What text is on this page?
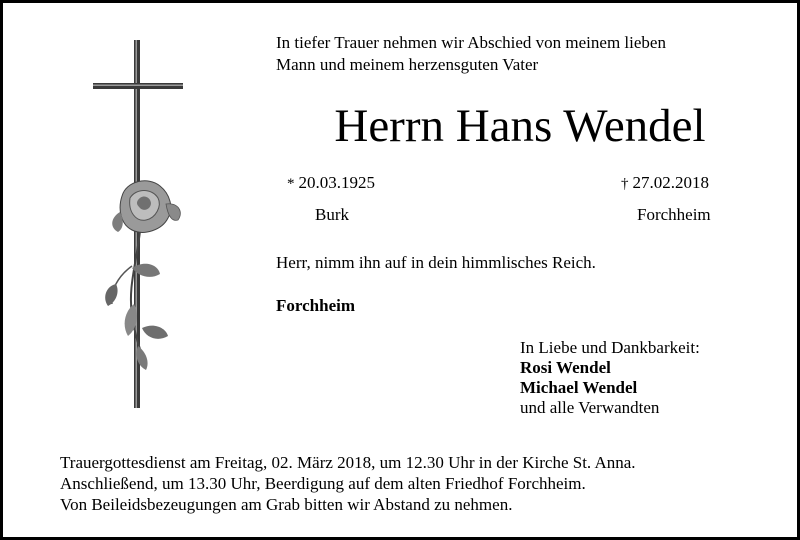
In tiefer Trauer nehmen wir Abschied von meinem lieben
Mann und meinem herzensguten Vater
Herrn Hans Wendel
* 20.03.1925
Burk
† 27.02.2018
Forchheim
Herr, nimm ihn auf in dein himmlisches Reich.
Forchheim
In Liebe und Dankbarkeit:
Rosi Wendel
Michael Wendel
und alle Verwandten
Trauergottesdienst am Freitag, 02. März 2018, um 12.30 Uhr in der Kirche St. Anna.
Anschließend, um 13.30 Uhr, Beerdigung auf dem alten Friedhof Forchheim.
Von Beileidsbezeugungen am Grab bitten wir Abstand zu nehmen.
